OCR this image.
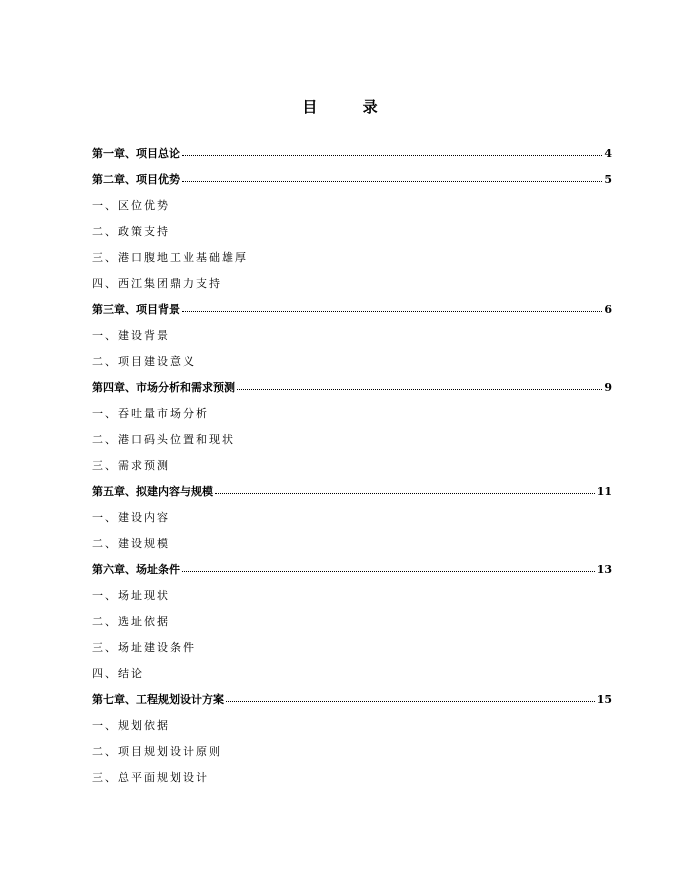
目 录
第一章、项目总论	4
第二章、项目优势	5
一、区位优势
二、政策支持
三、港口腹地工业基础雄厚
四、西江集团鼎力支持
第三章、项目背景	6
一、建设背景
二、项目建设意义
第四章、市场分析和需求预测	9
一、吞吐量市场分析
二、港口码头位置和现状
三、需求预测
第五章、拟建内容与规模	11
一、建设内容
二、建设规模
第六章、场址条件	13
一、场址现状
二、选址依据
三、场址建设条件
四、结论
第七章、工程规划设计方案	15
一、规划依据
二、项目规划设计原则
三、总平面规划设计
